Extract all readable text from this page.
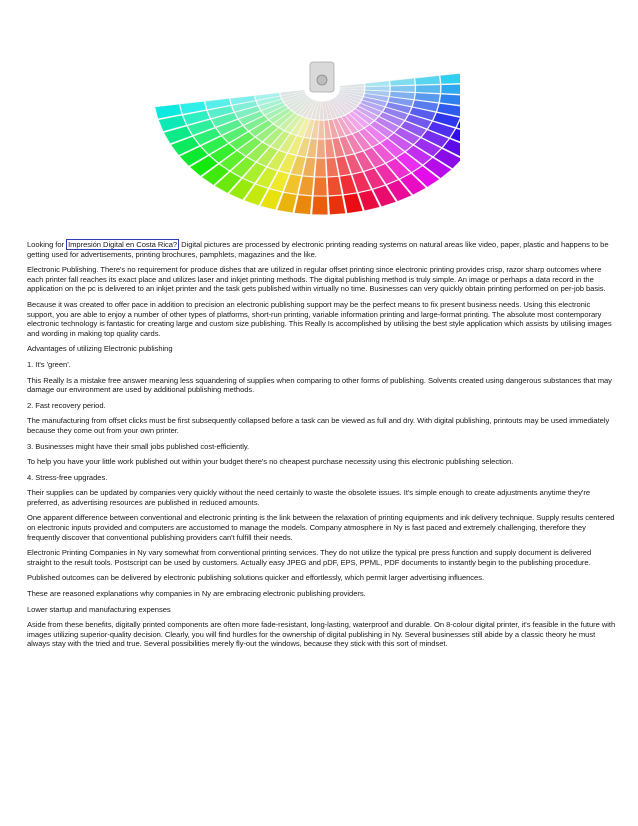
Looking for Impresión Digital en Costa Rica? Digital pictures are processed by electronic printing reading systems on natural areas like video, paper, plastic and happens to be getting used for advertisements, printing brochures, pamphlets, magazines and the like.

Electronic Publishing. There's no requirement for produce dishes that are utilized in regular offset printing since electronic printing provides crisp, razor sharp outcomes where each printer fall reaches its exact place and utilizes laser and inkjet printing methods. The digital publishing method is truly simple. An image or perhaps a data record in the application on the pc is delivered to an inkjet printer and the task gets published within virtually no time. Businesses can very quickly obtain printing performed on per-job basis.

Because it was created to offer pace in addition to precision an electronic publishing support may be the perfect means to fix present business needs. Using this electronic support, you are able to enjoy a number of other types of platforms, short-run printing, variable information printing and large-format printing. The absolute most contemporary electronic technology is fantastic for creating large and custom size publishing. This Really Is accomplished by utilising the best style application which assists by utilising images and wording in making top quality cards.

Advantages of utilizing Electronic publishing

1. It's 'green'.

This Really Is a mistake free answer meaning less squandering of supplies when comparing to other forms of publishing. Solvents created using dangerous substances that may damage our environment are used by additional publishing methods.

2. Fast recovery period.

The manufacturing from offset clicks must be first subsequently collapsed before a task can be viewed as full and dry. With digital publishing, printouts may be used immediately because they come out from your own printer.

3. Businesses might have their small jobs published cost-efficiently.

To help you have your little work published out within your budget there's no cheapest purchase necessity using this electronic publishing selection.

4. Stress-free upgrades.

Their supplies can be updated by companies very quickly without the need certainly to waste the obsolete issues. It's simple enough to create adjustments anytime they're preferred, as advertising resources are published in reduced amounts.

One apparent difference between conventional and electronic printing is the link between the relaxation of printing equipments and ink delivery technique. Supply results centered on electronic inputs provided and computers are accustomed to manage the models. Company atmosphere in Ny is fast paced and extremely challenging, therefore they frequently discover that conventional publishing providers can't fulfill their needs.

Electronic Printing Companies in Ny vary somewhat from conventional printing services. They do not utilize the typical pre press function and supply document is delivered straight to the result tools. Postscript can be used by customers. Actually easy JPEG and pDF, EPS, PPML, PDF documents to instantly begin to the publishing procedure.

Published outcomes can be delivered by electronic publishing solutions quicker and effortlessly, which permit larger advertising influences.

These are reasoned explanations why companies in Ny are embracing electronic publishing providers.

Lower startup and manufacturing expenses

Aside from these benefits, digitally printed components are often more fade-resistant, long-lasting, waterproof and durable. On 8-colour digital printer, it's feasible in the future with images utilizing superior-quality decision. Clearly, you will find hurdles for the ownership of digital publishing in Ny. Several businesses still abide by a classic theory he must always stay with the tried and true. Several possibilities merely fly-out the windows, because they stick with this sort of mindset.
